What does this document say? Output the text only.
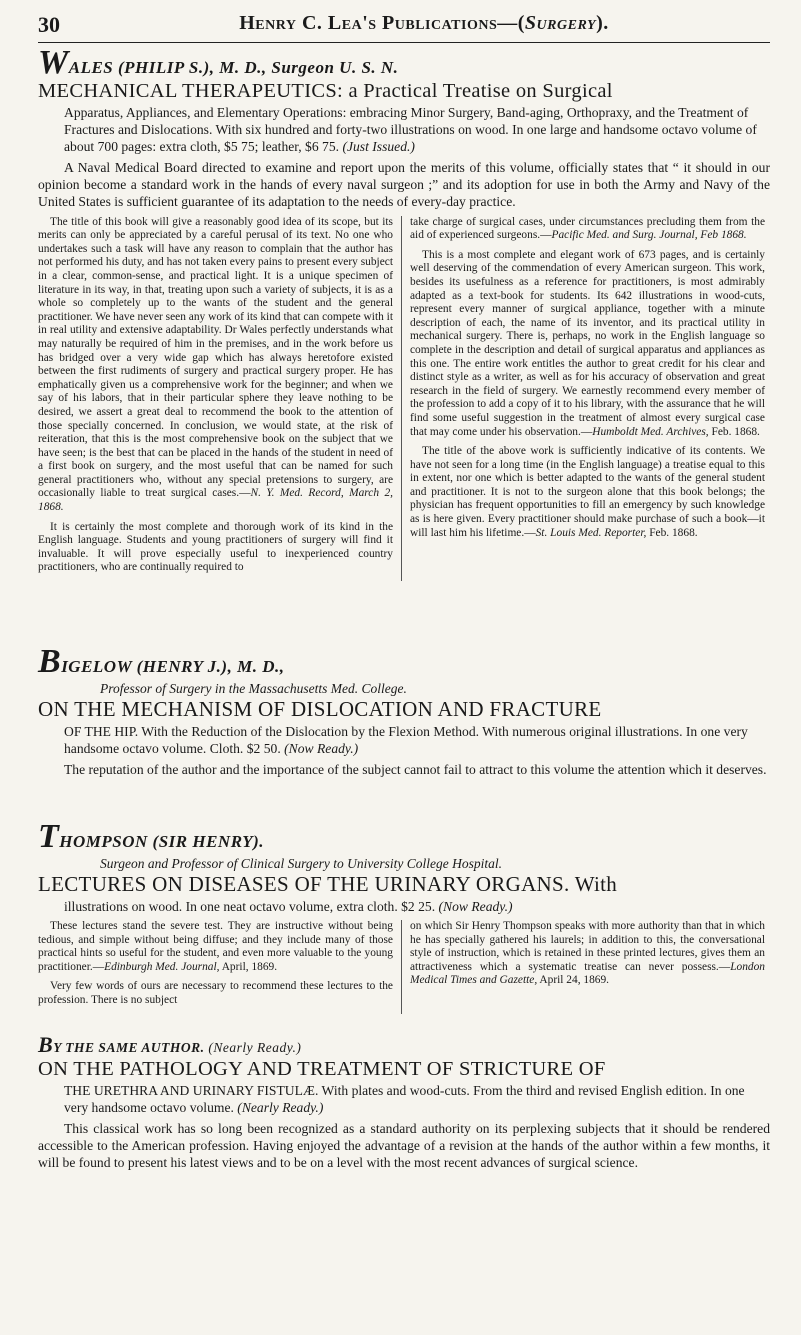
30	Henry C. Lea's Publications—(Surgery).
WALES (PHILIP S.), M. D., Surgeon U. S. N.
MECHANICAL THERAPEUTICS: a Practical Treatise on Surgical
Apparatus, Appliances, and Elementary Operations: embracing Minor Surgery, Band-aging, Orthopraxy, and the Treatment of Fractures and Dislocations. With six hundred and forty-two illustrations on wood. In one large and handsome octavo volume of about 700 pages: extra cloth, $5 75; leather, $6 75. (Just Issued.)
A Naval Medical Board directed to examine and report upon the merits of this volume, officially states that “ it should in our opinion become a standard work in the hands of every naval surgeon ;” and its adoption for use in both the Army and Navy of the United States is sufficient guarantee of its adaptation to the needs of every-day practice.

The title of this book will give a reasonably good idea of its scope, but its merits can only be appreciated by a careful perusal of its text. No one who undertakes such a task will have any reason to complain that the author has not performed his duty, and has not taken every pains to present every subject in a clear, common-sense, and practical light. It is a unique specimen of literature in its way, in that, treating upon such a variety of subjects, it is as a whole so completely up to the wants of the student and the general practitioner. We have never seen any work of its kind that can compete with it in real utility and extensive adaptability. Dr Wales perfectly understands what may naturally be required of him in the premises, and in the work before us has bridged over a very wide gap which has always heretofore existed between the first rudiments of surgery and practical surgery proper. He has emphatically given us a comprehensive work for the beginner; and when we say of his labors, that in their particular sphere they leave nothing to be desired, we assert a great deal to recommend the book to the attention of those specially concerned. In conclusion, we would state, at the risk of reiteration, that this is the most comprehensive book on the subject that we have seen; is the best that can be placed in the hands of the student in need of a first book on surgery, and the most useful that can be named for such general practitioners who, without any special pretensions to surgery, are occasionally liable to treat surgical cases.—N. Y. Med. Record, March 2, 1868.

It is certainly the most complete and thorough work of its kind in the English language. Students and young practitioners of surgery will find it invaluable. It will prove especially useful to inexperienced country practitioners, who are continually required to

take charge of surgical cases, under circumstances precluding them from the aid of experienced surgeons.—Pacific Med. and Surg. Journal, Feb 1868.

This is a most complete and elegant work of 673 pages, and is certainly well deserving of the commendation of every American surgeon. This work, besides its usefulness as a reference for practitioners, is most admirably adapted as a text-book for students. Its 642 illustrations in wood-cuts, represent every manner of surgical appliance, together with a minute description of each, the name of its inventor, and its practical utility in mechanical surgery. There is, perhaps, no work in the English language so complete in the description and detail of surgical apparatus and appliances as this one. The entire work entitles the author to great credit for his clear and distinct style as a writer, as well as for his accuracy of observation and great research in the field of surgery. We earnestly recommend every member of the profession to add a copy of it to his library, with the assurance that he will find some useful suggestion in the treatment of almost every surgical case that may come under his observation.—Humboldt Med. Archives, Feb. 1868.

The title of the above work is sufficiently indicative of its contents. We have not seen for a long time (in the English language) a treatise equal to this in extent, nor one which is better adapted to the wants of the general student and practitioner. It is not to the surgeon alone that this book belongs; the physician has frequent opportunities to fill an emergency by such knowledge as is here given. Every practitioner should make purchase of such a book—it will last him his lifetime.—St. Louis Med. Reporter, Feb. 1868.

BIGELOW (HENRY J.), M. D.,
Professor of Surgery in the Massachusetts Med. College.
ON THE MECHANISM OF DISLOCATION AND FRACTURE
OF THE HIP. With the Reduction of the Dislocation by the Flexion Method. With numerous original illustrations. In one very handsome octavo volume. Cloth. $2 50. (Now Ready.)
The reputation of the author and the importance of the subject cannot fail to attract to this volume the attention which it deserves.
THOMPSON (SIR HENRY).
Surgeon and Professor of Clinical Surgery to University College Hospital.
LECTURES ON DISEASES OF THE URINARY ORGANS. With
illustrations on wood. In one neat octavo volume, extra cloth. $2 25. (Now Ready.)

These lectures stand the severe test. They are instructive without being tedious, and simple without being diffuse; and they include many of those practical hints so useful for the student, and even more valuable to the young practitioner.—Edinburgh Med. Journal, April, 1869.

Very few words of ours are necessary to recommend these lectures to the profession. There is no subject

on which Sir Henry Thompson speaks with more authority than that in which he has specially gathered his laurels; in addition to this, the conversational style of instruction, which is retained in these printed lectures, gives them an attractiveness which a systematic treatise can never possess.—London Medical Times and Gazette, April 24, 1869.

BY THE SAME AUTHOR. (Nearly Ready.)
ON THE PATHOLOGY AND TREATMENT OF STRICTURE OF
THE URETHRA AND URINARY FISTULÆ. With plates and wood-cuts. From the third and revised English edition. In one very handsome octavo volume. (Nearly Ready.)
This classical work has so long been recognized as a standard authority on its perplexing subjects that it should be rendered accessible to the American profession. Having enjoyed the advantage of a revision at the hands of the author within a few months, it will be found to present his latest views and to be on a level with the most recent advances of surgical science.
